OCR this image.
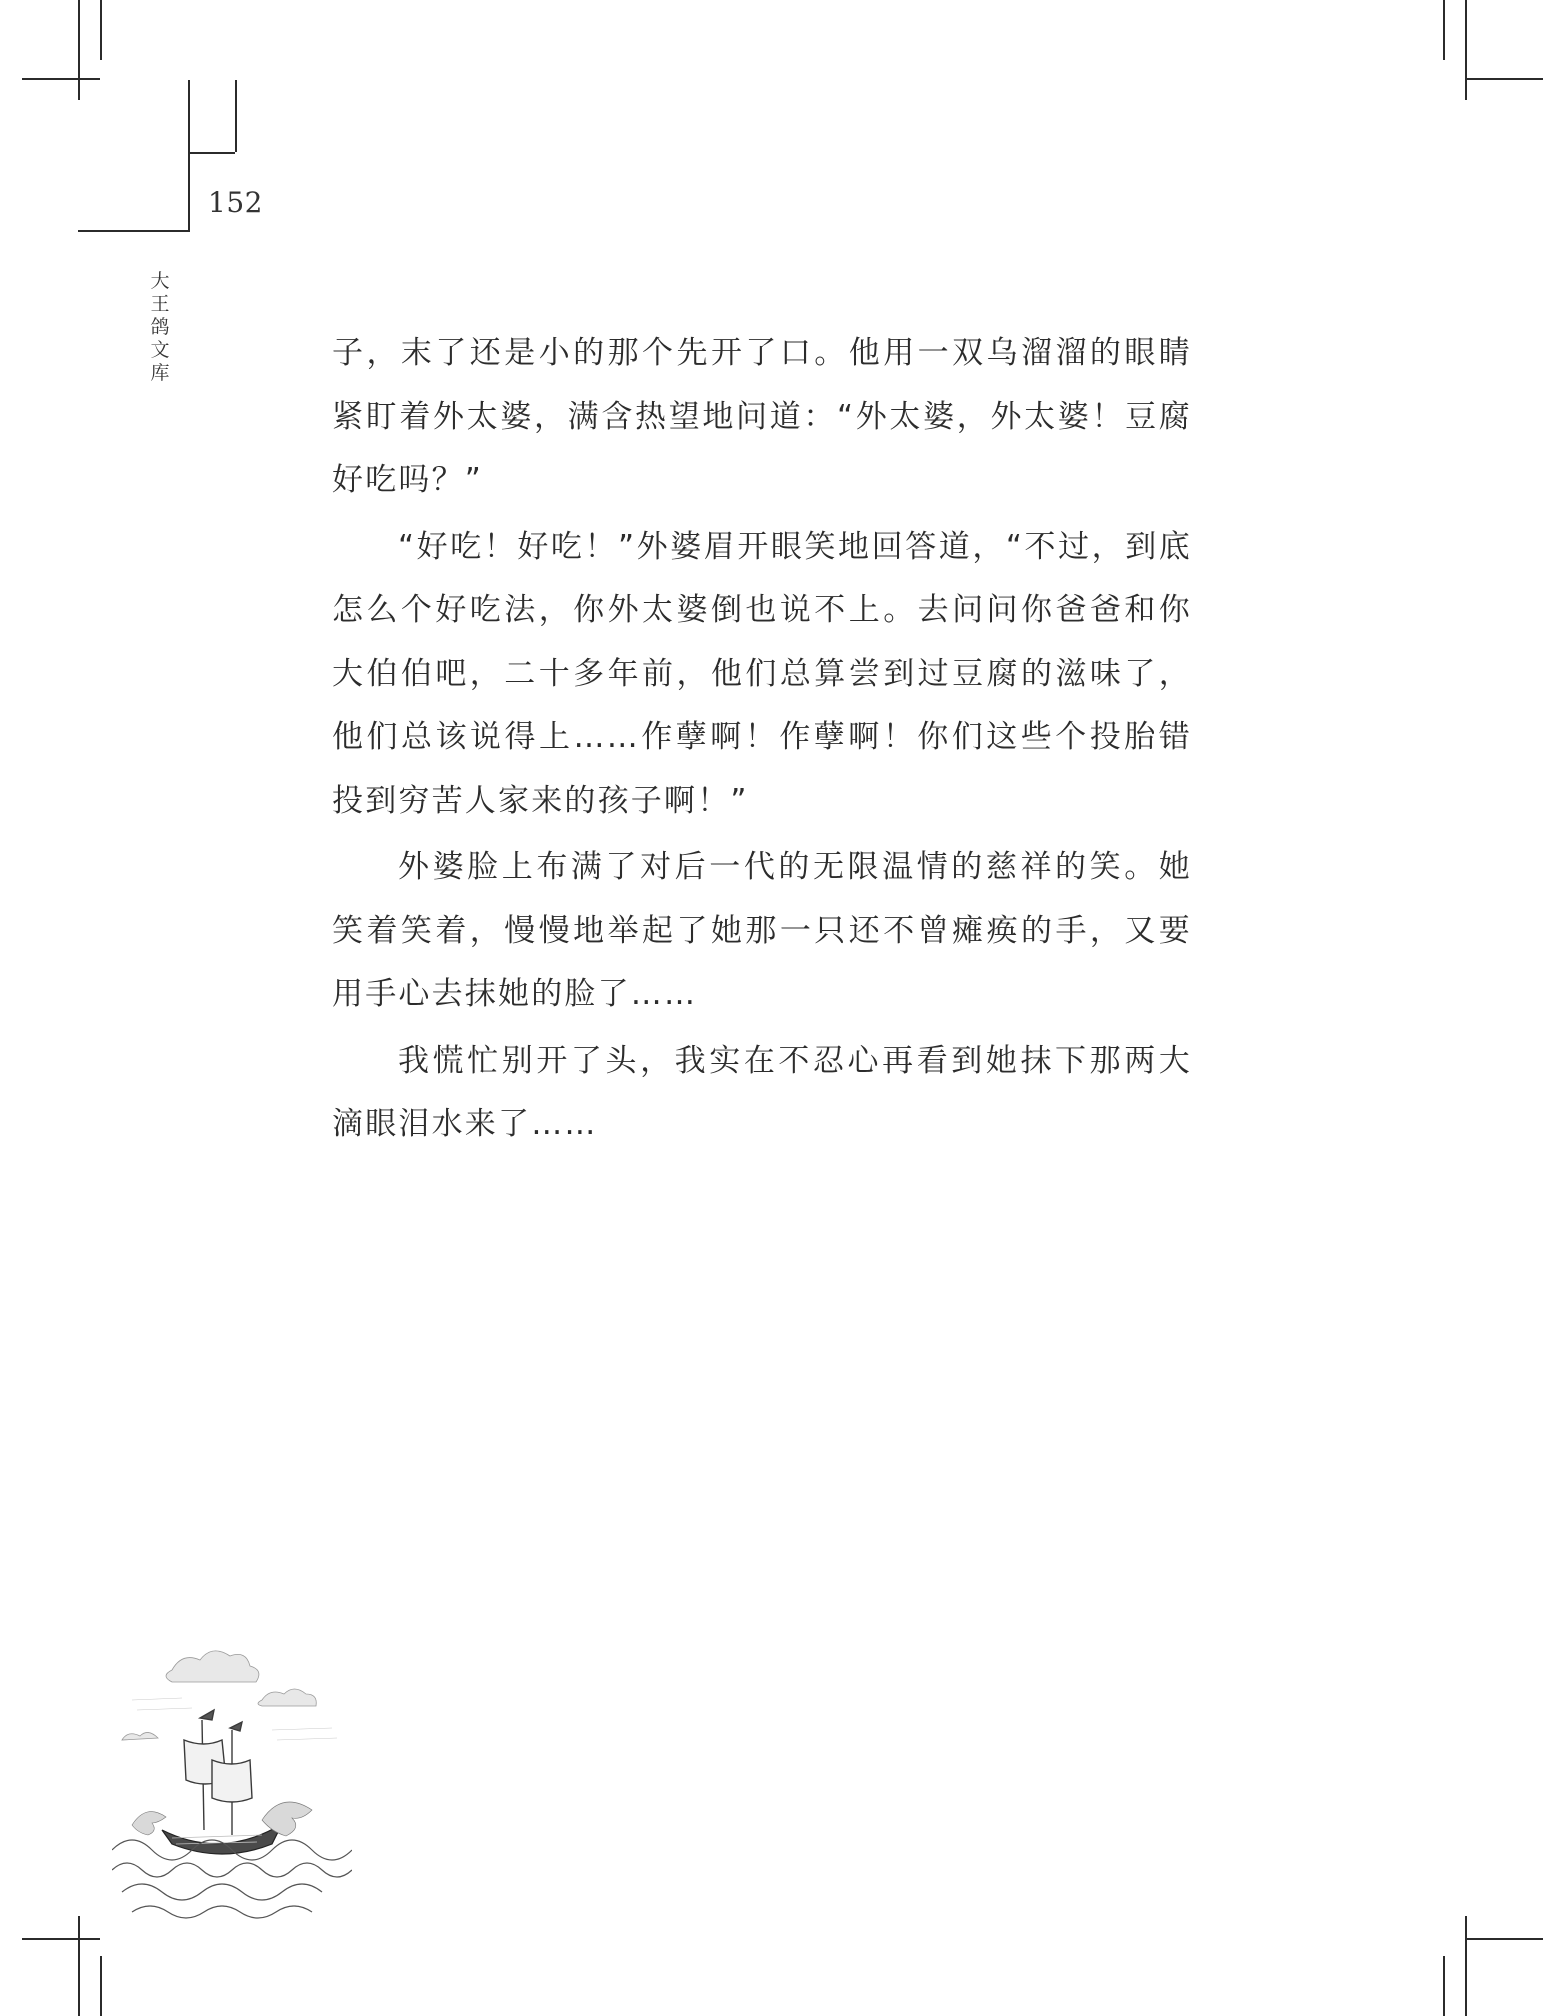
152
大王鸽文库

子，末了还是小的那个先开了口。他用一双乌溜溜的眼睛紧盯着外太婆，满含热望地问道：“外太婆，外太婆！豆腐好吃吗？”

“好吃！好吃！”外婆眉开眼笑地回答道，“不过，到底怎么个好吃法，你外太婆倒也说不上。去问问你爸爸和你大伯伯吧，二十多年前，他们总算尝到过豆腐的滋味了，他们总该说得上……作孽啊！作孽啊！你们这些个投胎错投到穷苦人家来的孩子啊！”

外婆脸上布满了对后一代的无限温情的慈祥的笑。她笑着笑着，慢慢地举起了她那一只还不曾瘫痪的手，又要用手心去抹她的脸了……

我慌忙别开了头，我实在不忍心再看到她抹下那两大滴眼泪水来了……
